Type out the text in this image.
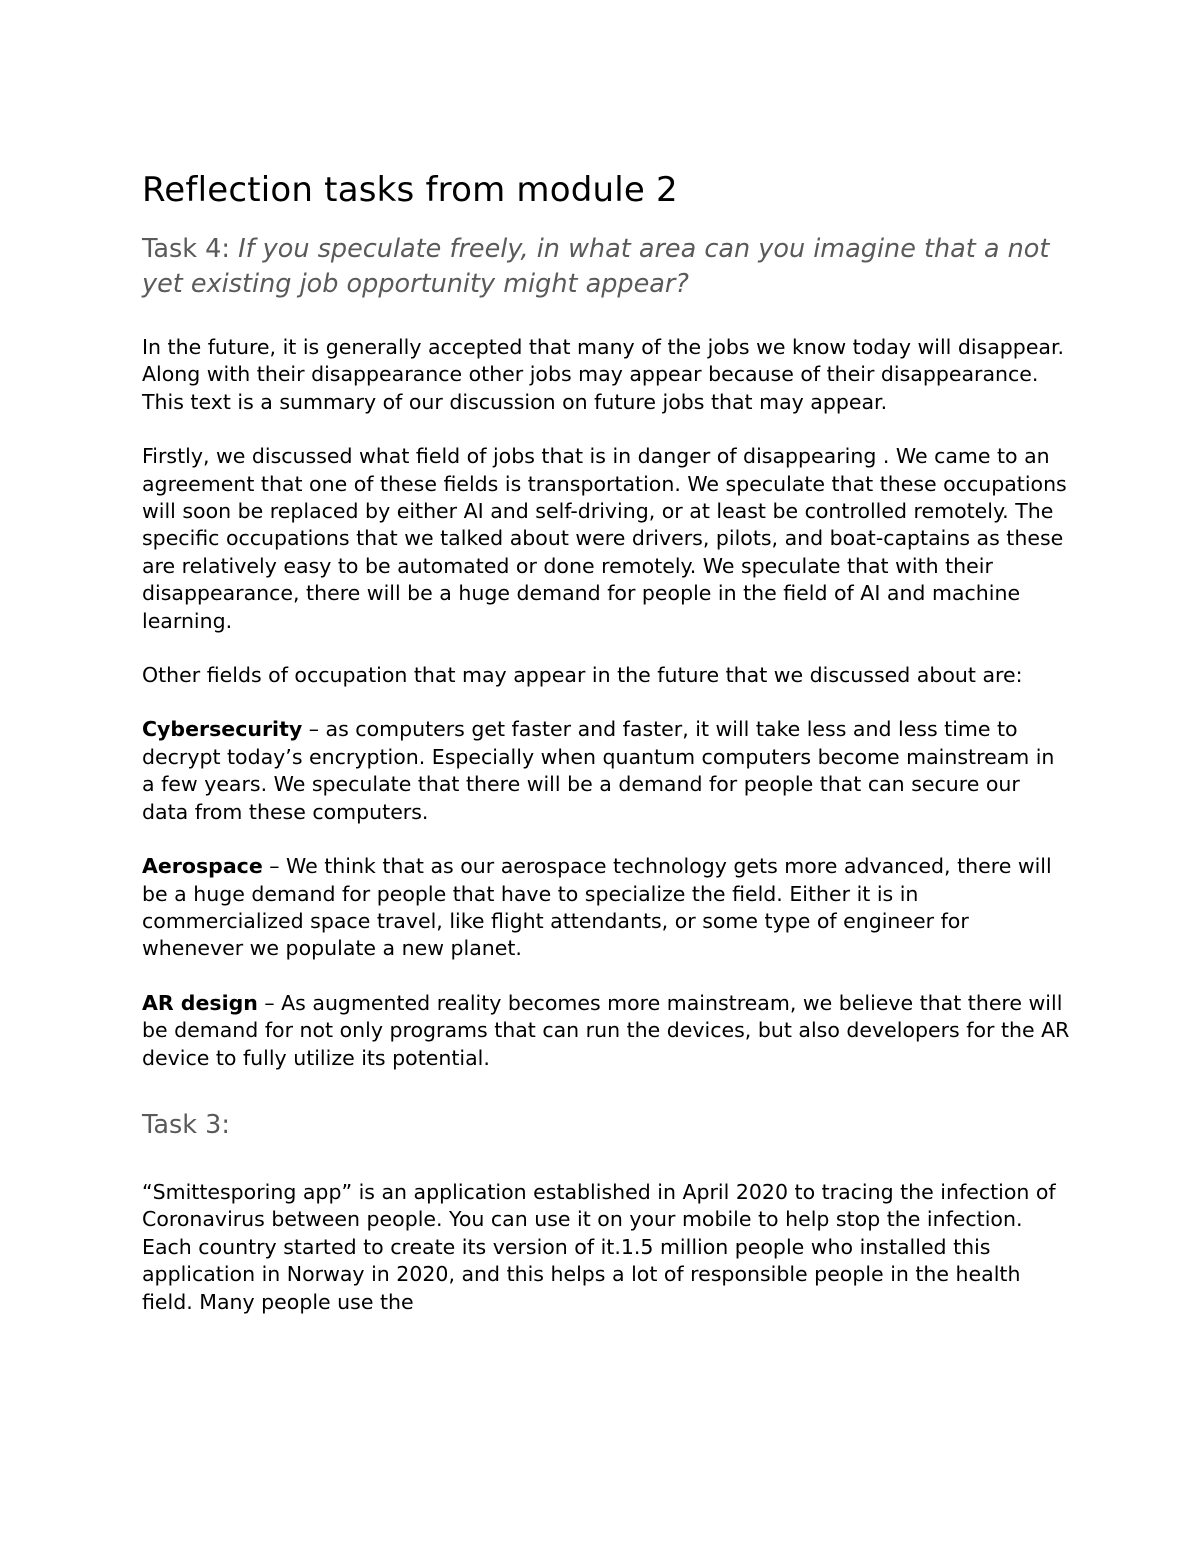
Reflection tasks from module 2
Task 4: If you speculate freely, in what area can you imagine that a not yet existing job opportunity might appear?

In the future, it is generally accepted that many of the jobs we know today will disappear. Along with their disappearance other jobs may appear because of their disappearance. This text is a summary of our discussion on future jobs that may appear.

Firstly, we discussed what field of jobs that is in danger of disappearing . We came to an agreement that one of these fields is transportation. We speculate that these occupations will soon be replaced by either AI and self-driving, or at least be controlled remotely. The specific occupations that we talked about were drivers, pilots, and boat-captains as these are relatively easy to be automated or done remotely. We speculate that with their disappearance, there will be a huge demand for people in the field of AI and machine learning.

Other fields of occupation that may appear in the future that we discussed about are:

Cybersecurity – as computers get faster and faster, it will take less and less time to decrypt today’s encryption. Especially when quantum computers become mainstream in a few years. We speculate that there will be a demand for people that can secure our data from these computers.

Aerospace – We think that as our aerospace technology gets more advanced, there will be a huge demand for people that have to specialize the field. Either it is in commercialized space travel, like flight attendants, or some type of engineer for whenever we populate a new planet.

AR design – As augmented reality becomes more mainstream, we believe that there will be demand for not only programs that can run the devices, but also developers for the AR device to fully utilize its potential.

Task 3:

“Smittesporing app” is an application established in April 2020 to tracing the infection of Coronavirus between people. You can use it on your mobile to help stop the infection. Each country started to create its version of it.1.5 million people who installed this application in Norway in 2020, and this helps a lot of responsible people in the health field. Many people use the
